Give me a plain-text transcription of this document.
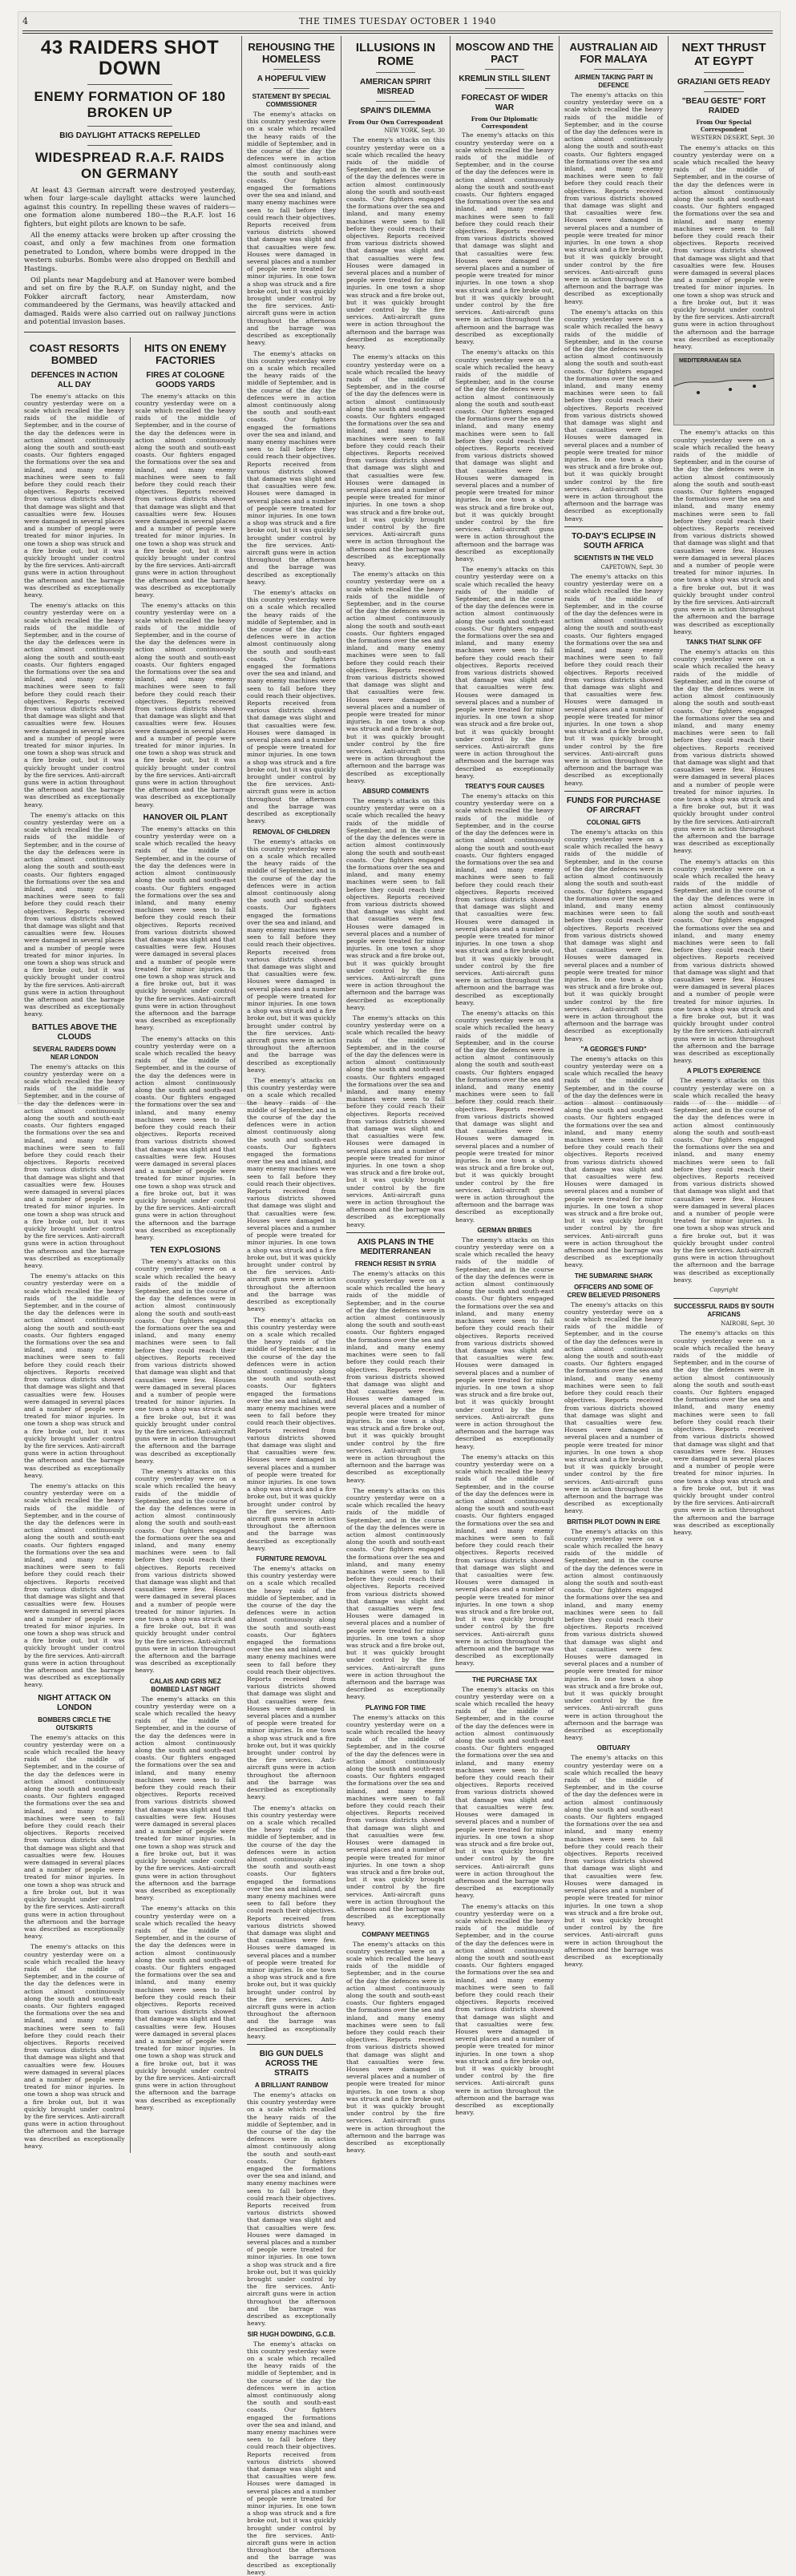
4	THE TIMES TUESDAY OCTOBER 1 1940
43 RAIDERS SHOT DOWN
ENEMY FORMATION OF 180 BROKEN UP
BIG DAYLIGHT ATTACKS REPELLED
WIDESPREAD R.A.F. RAIDS ON GERMANY

At least 43 German aircraft were destroyed yesterday, when four large-scale daylight attacks were launched against this country. In repelling these waves of raiders—one formation alone numbered 180—the R.A.F. lost 16 fighters, but eight pilots are known to be safe.

All the enemy attacks were broken up after crossing the coast, and only a few machines from one formation penetrated to London, where bombs were dropped in the western suburbs. Bombs were also dropped on Bexhill and Hastings.

Oil plants near Magdeburg and at Hanover were bombed and set on fire by the R.A.F. on Sunday night, and the Fokker aircraft factory, near Amsterdam, now commandeered by the Germans, was heavily attacked and damaged. Raids were also carried out on railway junctions and potential invasion bases.

COAST RESORTS BOMBED
DEFENCES IN ACTION ALL DAY

The enemy's attacks on this country yesterday were on a scale which recalled the heavy raids of the middle of September, and in the course of the day the defences were in action almost continuously along the south and south-east coasts. Our fighters engaged the formations over the sea and inland, and many enemy machines were seen to fall before they could reach their objectives. Reports received from various districts showed that damage was slight and that casualties were few. Houses were damaged in several places and a number of people were treated for minor injuries. In one town a shop was struck and a fire broke out, but it was quickly brought under control by the fire services. Anti-aircraft guns were in action throughout the afternoon and the barrage was described as exceptionally heavy.

The enemy's attacks on this country yesterday were on a scale which recalled the heavy raids of the middle of September, and in the course of the day the defences were in action almost continuously along the south and south-east coasts. Our fighters engaged the formations over the sea and inland, and many enemy machines were seen to fall before they could reach their objectives. Reports received from various districts showed that damage was slight and that casualties were few. Houses were damaged in several places and a number of people were treated for minor injuries. In one town a shop was struck and a fire broke out, but it was quickly brought under control by the fire services. Anti-aircraft guns were in action throughout the afternoon and the barrage was described as exceptionally heavy.

The enemy's attacks on this country yesterday were on a scale which recalled the heavy raids of the middle of September, and in the course of the day the defences were in action almost continuously along the south and south-east coasts. Our fighters engaged the formations over the sea and inland, and many enemy machines were seen to fall before they could reach their objectives. Reports received from various districts showed that damage was slight and that casualties were few. Houses were damaged in several places and a number of people were treated for minor injuries. In one town a shop was struck and a fire broke out, but it was quickly brought under control by the fire services. Anti-aircraft guns were in action throughout the afternoon and the barrage was described as exceptionally heavy.

BATTLES ABOVE THE CLOUDS
SEVERAL RAIDERS DOWN NEAR LONDON

The enemy's attacks on this country yesterday were on a scale which recalled the heavy raids of the middle of September, and in the course of the day the defences were in action almost continuously along the south and south-east coasts. Our fighters engaged the formations over the sea and inland, and many enemy machines were seen to fall before they could reach their objectives. Reports received from various districts showed that damage was slight and that casualties were few. Houses were damaged in several places and a number of people were treated for minor injuries. In one town a shop was struck and a fire broke out, but it was quickly brought under control by the fire services. Anti-aircraft guns were in action throughout the afternoon and the barrage was described as exceptionally heavy.

The enemy's attacks on this country yesterday were on a scale which recalled the heavy raids of the middle of September, and in the course of the day the defences were in action almost continuously along the south and south-east coasts. Our fighters engaged the formations over the sea and inland, and many enemy machines were seen to fall before they could reach their objectives. Reports received from various districts showed that damage was slight and that casualties were few. Houses were damaged in several places and a number of people were treated for minor injuries. In one town a shop was struck and a fire broke out, but it was quickly brought under control by the fire services. Anti-aircraft guns were in action throughout the afternoon and the barrage was described as exceptionally heavy.

The enemy's attacks on this country yesterday were on a scale which recalled the heavy raids of the middle of September, and in the course of the day the defences were in action almost continuously along the south and south-east coasts. Our fighters engaged the formations over the sea and inland, and many enemy machines were seen to fall before they could reach their objectives. Reports received from various districts showed that damage was slight and that casualties were few. Houses were damaged in several places and a number of people were treated for minor injuries. In one town a shop was struck and a fire broke out, but it was quickly brought under control by the fire services. Anti-aircraft guns were in action throughout the afternoon and the barrage was described as exceptionally heavy.

NIGHT ATTACK ON LONDON
BOMBERS CIRCLE THE OUTSKIRTS

The enemy's attacks on this country yesterday were on a scale which recalled the heavy raids of the middle of September, and in the course of the day the defences were in action almost continuously along the south and south-east coasts. Our fighters engaged the formations over the sea and inland, and many enemy machines were seen to fall before they could reach their objectives. Reports received from various districts showed that damage was slight and that casualties were few. Houses were damaged in several places and a number of people were treated for minor injuries. In one town a shop was struck and a fire broke out, but it was quickly brought under control by the fire services. Anti-aircraft guns were in action throughout the afternoon and the barrage was described as exceptionally heavy.

The enemy's attacks on this country yesterday were on a scale which recalled the heavy raids of the middle of September, and in the course of the day the defences were in action almost continuously along the south and south-east coasts. Our fighters engaged the formations over the sea and inland, and many enemy machines were seen to fall before they could reach their objectives. Reports received from various districts showed that damage was slight and that casualties were few. Houses were damaged in several places and a number of people were treated for minor injuries. In one town a shop was struck and a fire broke out, but it was quickly brought under control by the fire services. Anti-aircraft guns were in action throughout the afternoon and the barrage was described as exceptionally heavy.

HITS ON ENEMY FACTORIES
FIRES AT COLOGNE GOODS YARDS

The enemy's attacks on this country yesterday were on a scale which recalled the heavy raids of the middle of September, and in the course of the day the defences were in action almost continuously along the south and south-east coasts. Our fighters engaged the formations over the sea and inland, and many enemy machines were seen to fall before they could reach their objectives. Reports received from various districts showed that damage was slight and that casualties were few. Houses were damaged in several places and a number of people were treated for minor injuries. In one town a shop was struck and a fire broke out, but it was quickly brought under control by the fire services. Anti-aircraft guns were in action throughout the afternoon and the barrage was described as exceptionally heavy.

The enemy's attacks on this country yesterday were on a scale which recalled the heavy raids of the middle of September, and in the course of the day the defences were in action almost continuously along the south and south-east coasts. Our fighters engaged the formations over the sea and inland, and many enemy machines were seen to fall before they could reach their objectives. Reports received from various districts showed that damage was slight and that casualties were few. Houses were damaged in several places and a number of people were treated for minor injuries. In one town a shop was struck and a fire broke out, but it was quickly brought under control by the fire services. Anti-aircraft guns were in action throughout the afternoon and the barrage was described as exceptionally heavy.

HANOVER OIL PLANT

The enemy's attacks on this country yesterday were on a scale which recalled the heavy raids of the middle of September, and in the course of the day the defences were in action almost continuously along the south and south-east coasts. Our fighters engaged the formations over the sea and inland, and many enemy machines were seen to fall before they could reach their objectives. Reports received from various districts showed that damage was slight and that casualties were few. Houses were damaged in several places and a number of people were treated for minor injuries. In one town a shop was struck and a fire broke out, but it was quickly brought under control by the fire services. Anti-aircraft guns were in action throughout the afternoon and the barrage was described as exceptionally heavy.

The enemy's attacks on this country yesterday were on a scale which recalled the heavy raids of the middle of September, and in the course of the day the defences were in action almost continuously along the south and south-east coasts. Our fighters engaged the formations over the sea and inland, and many enemy machines were seen to fall before they could reach their objectives. Reports received from various districts showed that damage was slight and that casualties were few. Houses were damaged in several places and a number of people were treated for minor injuries. In one town a shop was struck and a fire broke out, but it was quickly brought under control by the fire services. Anti-aircraft guns were in action throughout the afternoon and the barrage was described as exceptionally heavy.

TEN EXPLOSIONS

The enemy's attacks on this country yesterday were on a scale which recalled the heavy raids of the middle of September, and in the course of the day the defences were in action almost continuously along the south and south-east coasts. Our fighters engaged the formations over the sea and inland, and many enemy machines were seen to fall before they could reach their objectives. Reports received from various districts showed that damage was slight and that casualties were few. Houses were damaged in several places and a number of people were treated for minor injuries. In one town a shop was struck and a fire broke out, but it was quickly brought under control by the fire services. Anti-aircraft guns were in action throughout the afternoon and the barrage was described as exceptionally heavy.

The enemy's attacks on this country yesterday were on a scale which recalled the heavy raids of the middle of September, and in the course of the day the defences were in action almost continuously along the south and south-east coasts. Our fighters engaged the formations over the sea and inland, and many enemy machines were seen to fall before they could reach their objectives. Reports received from various districts showed that damage was slight and that casualties were few. Houses were damaged in several places and a number of people were treated for minor injuries. In one town a shop was struck and a fire broke out, but it was quickly brought under control by the fire services. Anti-aircraft guns were in action throughout the afternoon and the barrage was described as exceptionally heavy.

CALAIS AND GRIS NEZ BOMBED LAST NIGHT

The enemy's attacks on this country yesterday were on a scale which recalled the heavy raids of the middle of September, and in the course of the day the defences were in action almost continuously along the south and south-east coasts. Our fighters engaged the formations over the sea and inland, and many enemy machines were seen to fall before they could reach their objectives. Reports received from various districts showed that damage was slight and that casualties were few. Houses were damaged in several places and a number of people were treated for minor injuries. In one town a shop was struck and a fire broke out, but it was quickly brought under control by the fire services. Anti-aircraft guns were in action throughout the afternoon and the barrage was described as exceptionally heavy.

The enemy's attacks on this country yesterday were on a scale which recalled the heavy raids of the middle of September, and in the course of the day the defences were in action almost continuously along the south and south-east coasts. Our fighters engaged the formations over the sea and inland, and many enemy machines were seen to fall before they could reach their objectives. Reports received from various districts showed that damage was slight and that casualties were few. Houses were damaged in several places and a number of people were treated for minor injuries. In one town a shop was struck and a fire broke out, but it was quickly brought under control by the fire services. Anti-aircraft guns were in action throughout the afternoon and the barrage was described as exceptionally heavy.

REHOUSING THE HOMELESS
A HOPEFUL VIEW
STATEMENT BY SPECIAL COMMISSIONER

The enemy's attacks on this country yesterday were on a scale which recalled the heavy raids of the middle of September, and in the course of the day the defences were in action almost continuously along the south and south-east coasts. Our fighters engaged the formations over the sea and inland, and many enemy machines were seen to fall before they could reach their objectives. Reports received from various districts showed that damage was slight and that casualties were few. Houses were damaged in several places and a number of people were treated for minor injuries. In one town a shop was struck and a fire broke out, but it was quickly brought under control by the fire services. Anti-aircraft guns were in action throughout the afternoon and the barrage was described as exceptionally heavy.

The enemy's attacks on this country yesterday were on a scale which recalled the heavy raids of the middle of September, and in the course of the day the defences were in action almost continuously along the south and south-east coasts. Our fighters engaged the formations over the sea and inland, and many enemy machines were seen to fall before they could reach their objectives. Reports received from various districts showed that damage was slight and that casualties were few. Houses were damaged in several places and a number of people were treated for minor injuries. In one town a shop was struck and a fire broke out, but it was quickly brought under control by the fire services. Anti-aircraft guns were in action throughout the afternoon and the barrage was described as exceptionally heavy.

The enemy's attacks on this country yesterday were on a scale which recalled the heavy raids of the middle of September, and in the course of the day the defences were in action almost continuously along the south and south-east coasts. Our fighters engaged the formations over the sea and inland, and many enemy machines were seen to fall before they could reach their objectives. Reports received from various districts showed that damage was slight and that casualties were few. Houses were damaged in several places and a number of people were treated for minor injuries. In one town a shop was struck and a fire broke out, but it was quickly brought under control by the fire services. Anti-aircraft guns were in action throughout the afternoon and the barrage was described as exceptionally heavy.

REMOVAL OF CHILDREN

The enemy's attacks on this country yesterday were on a scale which recalled the heavy raids of the middle of September, and in the course of the day the defences were in action almost continuously along the south and south-east coasts. Our fighters engaged the formations over the sea and inland, and many enemy machines were seen to fall before they could reach their objectives. Reports received from various districts showed that damage was slight and that casualties were few. Houses were damaged in several places and a number of people were treated for minor injuries. In one town a shop was struck and a fire broke out, but it was quickly brought under control by the fire services. Anti-aircraft guns were in action throughout the afternoon and the barrage was described as exceptionally heavy.

The enemy's attacks on this country yesterday were on a scale which recalled the heavy raids of the middle of September, and in the course of the day the defences were in action almost continuously along the south and south-east coasts. Our fighters engaged the formations over the sea and inland, and many enemy machines were seen to fall before they could reach their objectives. Reports received from various districts showed that damage was slight and that casualties were few. Houses were damaged in several places and a number of people were treated for minor injuries. In one town a shop was struck and a fire broke out, but it was quickly brought under control by the fire services. Anti-aircraft guns were in action throughout the afternoon and the barrage was described as exceptionally heavy.

The enemy's attacks on this country yesterday were on a scale which recalled the heavy raids of the middle of September, and in the course of the day the defences were in action almost continuously along the south and south-east coasts. Our fighters engaged the formations over the sea and inland, and many enemy machines were seen to fall before they could reach their objectives. Reports received from various districts showed that damage was slight and that casualties were few. Houses were damaged in several places and a number of people were treated for minor injuries. In one town a shop was struck and a fire broke out, but it was quickly brought under control by the fire services. Anti-aircraft guns were in action throughout the afternoon and the barrage was described as exceptionally heavy.

FURNITURE REMOVAL

The enemy's attacks on this country yesterday were on a scale which recalled the heavy raids of the middle of September, and in the course of the day the defences were in action almost continuously along the south and south-east coasts. Our fighters engaged the formations over the sea and inland, and many enemy machines were seen to fall before they could reach their objectives. Reports received from various districts showed that damage was slight and that casualties were few. Houses were damaged in several places and a number of people were treated for minor injuries. In one town a shop was struck and a fire broke out, but it was quickly brought under control by the fire services. Anti-aircraft guns were in action throughout the afternoon and the barrage was described as exceptionally heavy.

The enemy's attacks on this country yesterday were on a scale which recalled the heavy raids of the middle of September, and in the course of the day the defences were in action almost continuously along the south and south-east coasts. Our fighters engaged the formations over the sea and inland, and many enemy machines were seen to fall before they could reach their objectives. Reports received from various districts showed that damage was slight and that casualties were few. Houses were damaged in several places and a number of people were treated for minor injuries. In one town a shop was struck and a fire broke out, but it was quickly brought under control by the fire services. Anti-aircraft guns were in action throughout the afternoon and the barrage was described as exceptionally heavy.

BIG GUN DUELS ACROSS THE STRAITS
A BRILLIANT RAINBOW

The enemy's attacks on this country yesterday were on a scale which recalled the heavy raids of the middle of September, and in the course of the day the defences were in action almost continuously along the south and south-east coasts. Our fighters engaged the formations over the sea and inland, and many enemy machines were seen to fall before they could reach their objectives. Reports received from various districts showed that damage was slight and that casualties were few. Houses were damaged in several places and a number of people were treated for minor injuries. In one town a shop was struck and a fire broke out, but it was quickly brought under control by the fire services. Anti-aircraft guns were in action throughout the afternoon and the barrage was described as exceptionally heavy.

SIR HUGH DOWDING, G.C.B.

The enemy's attacks on this country yesterday were on a scale which recalled the heavy raids of the middle of September, and in the course of the day the defences were in action almost continuously along the south and south-east coasts. Our fighters engaged the formations over the sea and inland, and many enemy machines were seen to fall before they could reach their objectives. Reports received from various districts showed that damage was slight and that casualties were few. Houses were damaged in several places and a number of people were treated for minor injuries. In one town a shop was struck and a fire broke out, but it was quickly brought under control by the fire services. Anti-aircraft guns were in action throughout the afternoon and the barrage was described as exceptionally heavy.

ILLUSIONS IN ROME
AMERICAN SPIRIT MISREAD
SPAIN'S DILEMMA
From Our Own Correspondent
NEW YORK, Sept. 30

The enemy's attacks on this country yesterday were on a scale which recalled the heavy raids of the middle of September, and in the course of the day the defences were in action almost continuously along the south and south-east coasts. Our fighters engaged the formations over the sea and inland, and many enemy machines were seen to fall before they could reach their objectives. Reports received from various districts showed that damage was slight and that casualties were few. Houses were damaged in several places and a number of people were treated for minor injuries. In one town a shop was struck and a fire broke out, but it was quickly brought under control by the fire services. Anti-aircraft guns were in action throughout the afternoon and the barrage was described as exceptionally heavy.

The enemy's attacks on this country yesterday were on a scale which recalled the heavy raids of the middle of September, and in the course of the day the defences were in action almost continuously along the south and south-east coasts. Our fighters engaged the formations over the sea and inland, and many enemy machines were seen to fall before they could reach their objectives. Reports received from various districts showed that damage was slight and that casualties were few. Houses were damaged in several places and a number of people were treated for minor injuries. In one town a shop was struck and a fire broke out, but it was quickly brought under control by the fire services. Anti-aircraft guns were in action throughout the afternoon and the barrage was described as exceptionally heavy.

The enemy's attacks on this country yesterday were on a scale which recalled the heavy raids of the middle of September, and in the course of the day the defences were in action almost continuously along the south and south-east coasts. Our fighters engaged the formations over the sea and inland, and many enemy machines were seen to fall before they could reach their objectives. Reports received from various districts showed that damage was slight and that casualties were few. Houses were damaged in several places and a number of people were treated for minor injuries. In one town a shop was struck and a fire broke out, but it was quickly brought under control by the fire services. Anti-aircraft guns were in action throughout the afternoon and the barrage was described as exceptionally heavy.

ABSURD COMMENTS

The enemy's attacks on this country yesterday were on a scale which recalled the heavy raids of the middle of September, and in the course of the day the defences were in action almost continuously along the south and south-east coasts. Our fighters engaged the formations over the sea and inland, and many enemy machines were seen to fall before they could reach their objectives. Reports received from various districts showed that damage was slight and that casualties were few. Houses were damaged in several places and a number of people were treated for minor injuries. In one town a shop was struck and a fire broke out, but it was quickly brought under control by the fire services. Anti-aircraft guns were in action throughout the afternoon and the barrage was described as exceptionally heavy.

The enemy's attacks on this country yesterday were on a scale which recalled the heavy raids of the middle of September, and in the course of the day the defences were in action almost continuously along the south and south-east coasts. Our fighters engaged the formations over the sea and inland, and many enemy machines were seen to fall before they could reach their objectives. Reports received from various districts showed that damage was slight and that casualties were few. Houses were damaged in several places and a number of people were treated for minor injuries. In one town a shop was struck and a fire broke out, but it was quickly brought under control by the fire services. Anti-aircraft guns were in action throughout the afternoon and the barrage was described as exceptionally heavy.

AXIS PLANS IN THE MEDITERRANEAN
FRENCH RESIST IN SYRIA

The enemy's attacks on this country yesterday were on a scale which recalled the heavy raids of the middle of September, and in the course of the day the defences were in action almost continuously along the south and south-east coasts. Our fighters engaged the formations over the sea and inland, and many enemy machines were seen to fall before they could reach their objectives. Reports received from various districts showed that damage was slight and that casualties were few. Houses were damaged in several places and a number of people were treated for minor injuries. In one town a shop was struck and a fire broke out, but it was quickly brought under control by the fire services. Anti-aircraft guns were in action throughout the afternoon and the barrage was described as exceptionally heavy.

The enemy's attacks on this country yesterday were on a scale which recalled the heavy raids of the middle of September, and in the course of the day the defences were in action almost continuously along the south and south-east coasts. Our fighters engaged the formations over the sea and inland, and many enemy machines were seen to fall before they could reach their objectives. Reports received from various districts showed that damage was slight and that casualties were few. Houses were damaged in several places and a number of people were treated for minor injuries. In one town a shop was struck and a fire broke out, but it was quickly brought under control by the fire services. Anti-aircraft guns were in action throughout the afternoon and the barrage was described as exceptionally heavy.

PLAYING FOR TIME

The enemy's attacks on this country yesterday were on a scale which recalled the heavy raids of the middle of September, and in the course of the day the defences were in action almost continuously along the south and south-east coasts. Our fighters engaged the formations over the sea and inland, and many enemy machines were seen to fall before they could reach their objectives. Reports received from various districts showed that damage was slight and that casualties were few. Houses were damaged in several places and a number of people were treated for minor injuries. In one town a shop was struck and a fire broke out, but it was quickly brought under control by the fire services. Anti-aircraft guns were in action throughout the afternoon and the barrage was described as exceptionally heavy.

COMPANY MEETINGS

The enemy's attacks on this country yesterday were on a scale which recalled the heavy raids of the middle of September, and in the course of the day the defences were in action almost continuously along the south and south-east coasts. Our fighters engaged the formations over the sea and inland, and many enemy machines were seen to fall before they could reach their objectives. Reports received from various districts showed that damage was slight and that casualties were few. Houses were damaged in several places and a number of people were treated for minor injuries. In one town a shop was struck and a fire broke out, but it was quickly brought under control by the fire services. Anti-aircraft guns were in action throughout the afternoon and the barrage was described as exceptionally heavy.

MOSCOW AND THE PACT
KREMLIN STILL SILENT
FORECAST OF WIDER WAR
From Our Diplomatic Correspondent

The enemy's attacks on this country yesterday were on a scale which recalled the heavy raids of the middle of September, and in the course of the day the defences were in action almost continuously along the south and south-east coasts. Our fighters engaged the formations over the sea and inland, and many enemy machines were seen to fall before they could reach their objectives. Reports received from various districts showed that damage was slight and that casualties were few. Houses were damaged in several places and a number of people were treated for minor injuries. In one town a shop was struck and a fire broke out, but it was quickly brought under control by the fire services. Anti-aircraft guns were in action throughout the afternoon and the barrage was described as exceptionally heavy.

The enemy's attacks on this country yesterday were on a scale which recalled the heavy raids of the middle of September, and in the course of the day the defences were in action almost continuously along the south and south-east coasts. Our fighters engaged the formations over the sea and inland, and many enemy machines were seen to fall before they could reach their objectives. Reports received from various districts showed that damage was slight and that casualties were few. Houses were damaged in several places and a number of people were treated for minor injuries. In one town a shop was struck and a fire broke out, but it was quickly brought under control by the fire services. Anti-aircraft guns were in action throughout the afternoon and the barrage was described as exceptionally heavy.

The enemy's attacks on this country yesterday were on a scale which recalled the heavy raids of the middle of September, and in the course of the day the defences were in action almost continuously along the south and south-east coasts. Our fighters engaged the formations over the sea and inland, and many enemy machines were seen to fall before they could reach their objectives. Reports received from various districts showed that damage was slight and that casualties were few. Houses were damaged in several places and a number of people were treated for minor injuries. In one town a shop was struck and a fire broke out, but it was quickly brought under control by the fire services. Anti-aircraft guns were in action throughout the afternoon and the barrage was described as exceptionally heavy.

TREATY'S FOUR CAUSES

The enemy's attacks on this country yesterday were on a scale which recalled the heavy raids of the middle of September, and in the course of the day the defences were in action almost continuously along the south and south-east coasts. Our fighters engaged the formations over the sea and inland, and many enemy machines were seen to fall before they could reach their objectives. Reports received from various districts showed that damage was slight and that casualties were few. Houses were damaged in several places and a number of people were treated for minor injuries. In one town a shop was struck and a fire broke out, but it was quickly brought under control by the fire services. Anti-aircraft guns were in action throughout the afternoon and the barrage was described as exceptionally heavy.

The enemy's attacks on this country yesterday were on a scale which recalled the heavy raids of the middle of September, and in the course of the day the defences were in action almost continuously along the south and south-east coasts. Our fighters engaged the formations over the sea and inland, and many enemy machines were seen to fall before they could reach their objectives. Reports received from various districts showed that damage was slight and that casualties were few. Houses were damaged in several places and a number of people were treated for minor injuries. In one town a shop was struck and a fire broke out, but it was quickly brought under control by the fire services. Anti-aircraft guns were in action throughout the afternoon and the barrage was described as exceptionally heavy.

GERMAN BRIBES

The enemy's attacks on this country yesterday were on a scale which recalled the heavy raids of the middle of September, and in the course of the day the defences were in action almost continuously along the south and south-east coasts. Our fighters engaged the formations over the sea and inland, and many enemy machines were seen to fall before they could reach their objectives. Reports received from various districts showed that damage was slight and that casualties were few. Houses were damaged in several places and a number of people were treated for minor injuries. In one town a shop was struck and a fire broke out, but it was quickly brought under control by the fire services. Anti-aircraft guns were in action throughout the afternoon and the barrage was described as exceptionally heavy.

The enemy's attacks on this country yesterday were on a scale which recalled the heavy raids of the middle of September, and in the course of the day the defences were in action almost continuously along the south and south-east coasts. Our fighters engaged the formations over the sea and inland, and many enemy machines were seen to fall before they could reach their objectives. Reports received from various districts showed that damage was slight and that casualties were few. Houses were damaged in several places and a number of people were treated for minor injuries. In one town a shop was struck and a fire broke out, but it was quickly brought under control by the fire services. Anti-aircraft guns were in action throughout the afternoon and the barrage was described as exceptionally heavy.

THE PURCHASE TAX

The enemy's attacks on this country yesterday were on a scale which recalled the heavy raids of the middle of September, and in the course of the day the defences were in action almost continuously along the south and south-east coasts. Our fighters engaged the formations over the sea and inland, and many enemy machines were seen to fall before they could reach their objectives. Reports received from various districts showed that damage was slight and that casualties were few. Houses were damaged in several places and a number of people were treated for minor injuries. In one town a shop was struck and a fire broke out, but it was quickly brought under control by the fire services. Anti-aircraft guns were in action throughout the afternoon and the barrage was described as exceptionally heavy.

The enemy's attacks on this country yesterday were on a scale which recalled the heavy raids of the middle of September, and in the course of the day the defences were in action almost continuously along the south and south-east coasts. Our fighters engaged the formations over the sea and inland, and many enemy machines were seen to fall before they could reach their objectives. Reports received from various districts showed that damage was slight and that casualties were few. Houses were damaged in several places and a number of people were treated for minor injuries. In one town a shop was struck and a fire broke out, but it was quickly brought under control by the fire services. Anti-aircraft guns were in action throughout the afternoon and the barrage was described as exceptionally heavy.

AUSTRALIAN AID FOR MALAYA
AIRMEN TAKING PART IN DEFENCE

The enemy's attacks on this country yesterday were on a scale which recalled the heavy raids of the middle of September, and in the course of the day the defences were in action almost continuously along the south and south-east coasts. Our fighters engaged the formations over the sea and inland, and many enemy machines were seen to fall before they could reach their objectives. Reports received from various districts showed that damage was slight and that casualties were few. Houses were damaged in several places and a number of people were treated for minor injuries. In one town a shop was struck and a fire broke out, but it was quickly brought under control by the fire services. Anti-aircraft guns were in action throughout the afternoon and the barrage was described as exceptionally heavy.

The enemy's attacks on this country yesterday were on a scale which recalled the heavy raids of the middle of September, and in the course of the day the defences were in action almost continuously along the south and south-east coasts. Our fighters engaged the formations over the sea and inland, and many enemy machines were seen to fall before they could reach their objectives. Reports received from various districts showed that damage was slight and that casualties were few. Houses were damaged in several places and a number of people were treated for minor injuries. In one town a shop was struck and a fire broke out, but it was quickly brought under control by the fire services. Anti-aircraft guns were in action throughout the afternoon and the barrage was described as exceptionally heavy.

TO-DAY'S ECLIPSE IN SOUTH AFRICA
SCIENTISTS IN THE VELD
CAPETOWN, Sept. 30

The enemy's attacks on this country yesterday were on a scale which recalled the heavy raids of the middle of September, and in the course of the day the defences were in action almost continuously along the south and south-east coasts. Our fighters engaged the formations over the sea and inland, and many enemy machines were seen to fall before they could reach their objectives. Reports received from various districts showed that damage was slight and that casualties were few. Houses were damaged in several places and a number of people were treated for minor injuries. In one town a shop was struck and a fire broke out, but it was quickly brought under control by the fire services. Anti-aircraft guns were in action throughout the afternoon and the barrage was described as exceptionally heavy.

FUNDS FOR PURCHASE OF AIRCRAFT
COLONIAL GIFTS

The enemy's attacks on this country yesterday were on a scale which recalled the heavy raids of the middle of September, and in the course of the day the defences were in action almost continuously along the south and south-east coasts. Our fighters engaged the formations over the sea and inland, and many enemy machines were seen to fall before they could reach their objectives. Reports received from various districts showed that damage was slight and that casualties were few. Houses were damaged in several places and a number of people were treated for minor injuries. In one town a shop was struck and a fire broke out, but it was quickly brought under control by the fire services. Anti-aircraft guns were in action throughout the afternoon and the barrage was described as exceptionally heavy.

"A GEORGE'S FUND"

The enemy's attacks on this country yesterday were on a scale which recalled the heavy raids of the middle of September, and in the course of the day the defences were in action almost continuously along the south and south-east coasts. Our fighters engaged the formations over the sea and inland, and many enemy machines were seen to fall before they could reach their objectives. Reports received from various districts showed that damage was slight and that casualties were few. Houses were damaged in several places and a number of people were treated for minor injuries. In one town a shop was struck and a fire broke out, but it was quickly brought under control by the fire services. Anti-aircraft guns were in action throughout the afternoon and the barrage was described as exceptionally heavy.

THE SUBMARINE SHARK
OFFICERS AND SOME OF CREW BELIEVED PRISONERS

The enemy's attacks on this country yesterday were on a scale which recalled the heavy raids of the middle of September, and in the course of the day the defences were in action almost continuously along the south and south-east coasts. Our fighters engaged the formations over the sea and inland, and many enemy machines were seen to fall before they could reach their objectives. Reports received from various districts showed that damage was slight and that casualties were few. Houses were damaged in several places and a number of people were treated for minor injuries. In one town a shop was struck and a fire broke out, but it was quickly brought under control by the fire services. Anti-aircraft guns were in action throughout the afternoon and the barrage was described as exceptionally heavy.

BRITISH PILOT DOWN IN EIRE

The enemy's attacks on this country yesterday were on a scale which recalled the heavy raids of the middle of September, and in the course of the day the defences were in action almost continuously along the south and south-east coasts. Our fighters engaged the formations over the sea and inland, and many enemy machines were seen to fall before they could reach their objectives. Reports received from various districts showed that damage was slight and that casualties were few. Houses were damaged in several places and a number of people were treated for minor injuries. In one town a shop was struck and a fire broke out, but it was quickly brought under control by the fire services. Anti-aircraft guns were in action throughout the afternoon and the barrage was described as exceptionally heavy.

OBITUARY

The enemy's attacks on this country yesterday were on a scale which recalled the heavy raids of the middle of September, and in the course of the day the defences were in action almost continuously along the south and south-east coasts. Our fighters engaged the formations over the sea and inland, and many enemy machines were seen to fall before they could reach their objectives. Reports received from various districts showed that damage was slight and that casualties were few. Houses were damaged in several places and a number of people were treated for minor injuries. In one town a shop was struck and a fire broke out, but it was quickly brought under control by the fire services. Anti-aircraft guns were in action throughout the afternoon and the barrage was described as exceptionally heavy.

NEXT THRUST AT EGYPT
GRAZIANI GETS READY
"BEAU GESTE" FORT RAIDED
From Our Special Correspondent
WESTERN DESERT, Sept. 30

The enemy's attacks on this country yesterday were on a scale which recalled the heavy raids of the middle of September, and in the course of the day the defences were in action almost continuously along the south and south-east coasts. Our fighters engaged the formations over the sea and inland, and many enemy machines were seen to fall before they could reach their objectives. Reports received from various districts showed that damage was slight and that casualties were few. Houses were damaged in several places and a number of people were treated for minor injuries. In one town a shop was struck and a fire broke out, but it was quickly brought under control by the fire services. Anti-aircraft guns were in action throughout the afternoon and the barrage was described as exceptionally heavy.

MEDITERRANEAN SEA

The enemy's attacks on this country yesterday were on a scale which recalled the heavy raids of the middle of September, and in the course of the day the defences were in action almost continuously along the south and south-east coasts. Our fighters engaged the formations over the sea and inland, and many enemy machines were seen to fall before they could reach their objectives. Reports received from various districts showed that damage was slight and that casualties were few. Houses were damaged in several places and a number of people were treated for minor injuries. In one town a shop was struck and a fire broke out, but it was quickly brought under control by the fire services. Anti-aircraft guns were in action throughout the afternoon and the barrage was described as exceptionally heavy.

TANKS THAT SLINK OFF

The enemy's attacks on this country yesterday were on a scale which recalled the heavy raids of the middle of September, and in the course of the day the defences were in action almost continuously along the south and south-east coasts. Our fighters engaged the formations over the sea and inland, and many enemy machines were seen to fall before they could reach their objectives. Reports received from various districts showed that damage was slight and that casualties were few. Houses were damaged in several places and a number of people were treated for minor injuries. In one town a shop was struck and a fire broke out, but it was quickly brought under control by the fire services. Anti-aircraft guns were in action throughout the afternoon and the barrage was described as exceptionally heavy.

The enemy's attacks on this country yesterday were on a scale which recalled the heavy raids of the middle of September, and in the course of the day the defences were in action almost continuously along the south and south-east coasts. Our fighters engaged the formations over the sea and inland, and many enemy machines were seen to fall before they could reach their objectives. Reports received from various districts showed that damage was slight and that casualties were few. Houses were damaged in several places and a number of people were treated for minor injuries. In one town a shop was struck and a fire broke out, but it was quickly brought under control by the fire services. Anti-aircraft guns were in action throughout the afternoon and the barrage was described as exceptionally heavy.

A PILOT'S EXPERIENCE

The enemy's attacks on this country yesterday were on a scale which recalled the heavy raids of the middle of September, and in the course of the day the defences were in action almost continuously along the south and south-east coasts. Our fighters engaged the formations over the sea and inland, and many enemy machines were seen to fall before they could reach their objectives. Reports received from various districts showed that damage was slight and that casualties were few. Houses were damaged in several places and a number of people were treated for minor injuries. In one town a shop was struck and a fire broke out, but it was quickly brought under control by the fire services. Anti-aircraft guns were in action throughout the afternoon and the barrage was described as exceptionally heavy.

Copyright
SUCCESSFUL RAIDS BY SOUTH AFRICANS
NAIROBI, Sept. 30

The enemy's attacks on this country yesterday were on a scale which recalled the heavy raids of the middle of September, and in the course of the day the defences were in action almost continuously along the south and south-east coasts. Our fighters engaged the formations over the sea and inland, and many enemy machines were seen to fall before they could reach their objectives. Reports received from various districts showed that damage was slight and that casualties were few. Houses were damaged in several places and a number of people were treated for minor injuries. In one town a shop was struck and a fire broke out, but it was quickly brought under control by the fire services. Anti-aircraft guns were in action throughout the afternoon and the barrage was described as exceptionally heavy.
